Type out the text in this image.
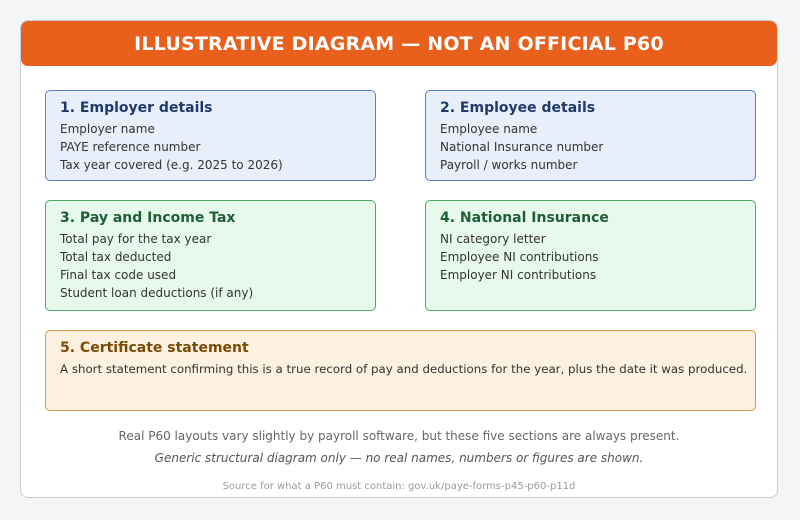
ILLUSTRATIVE DIAGRAM — NOT AN OFFICIAL P60
1. Employer details
Employer name
PAYE reference number
Tax year covered (e.g. 2025 to 2026)
2. Employee details
Employee name
National Insurance number
Payroll / works number
3. Pay and Income Tax
Total pay for the tax year
Total tax deducted
Final tax code used
Student loan deductions (if any)
4. National Insurance
NI category letter
Employee NI contributions
Employer NI contributions
5. Certificate statement
A short statement confirming this is a true record of pay and deductions for the year, plus the date it was produced.
Real P60 layouts vary slightly by payroll software, but these five sections are always present.
Generic structural diagram only — no real names, numbers or figures are shown.
Source for what a P60 must contain: gov.uk/paye-forms-p45-p60-p11d
